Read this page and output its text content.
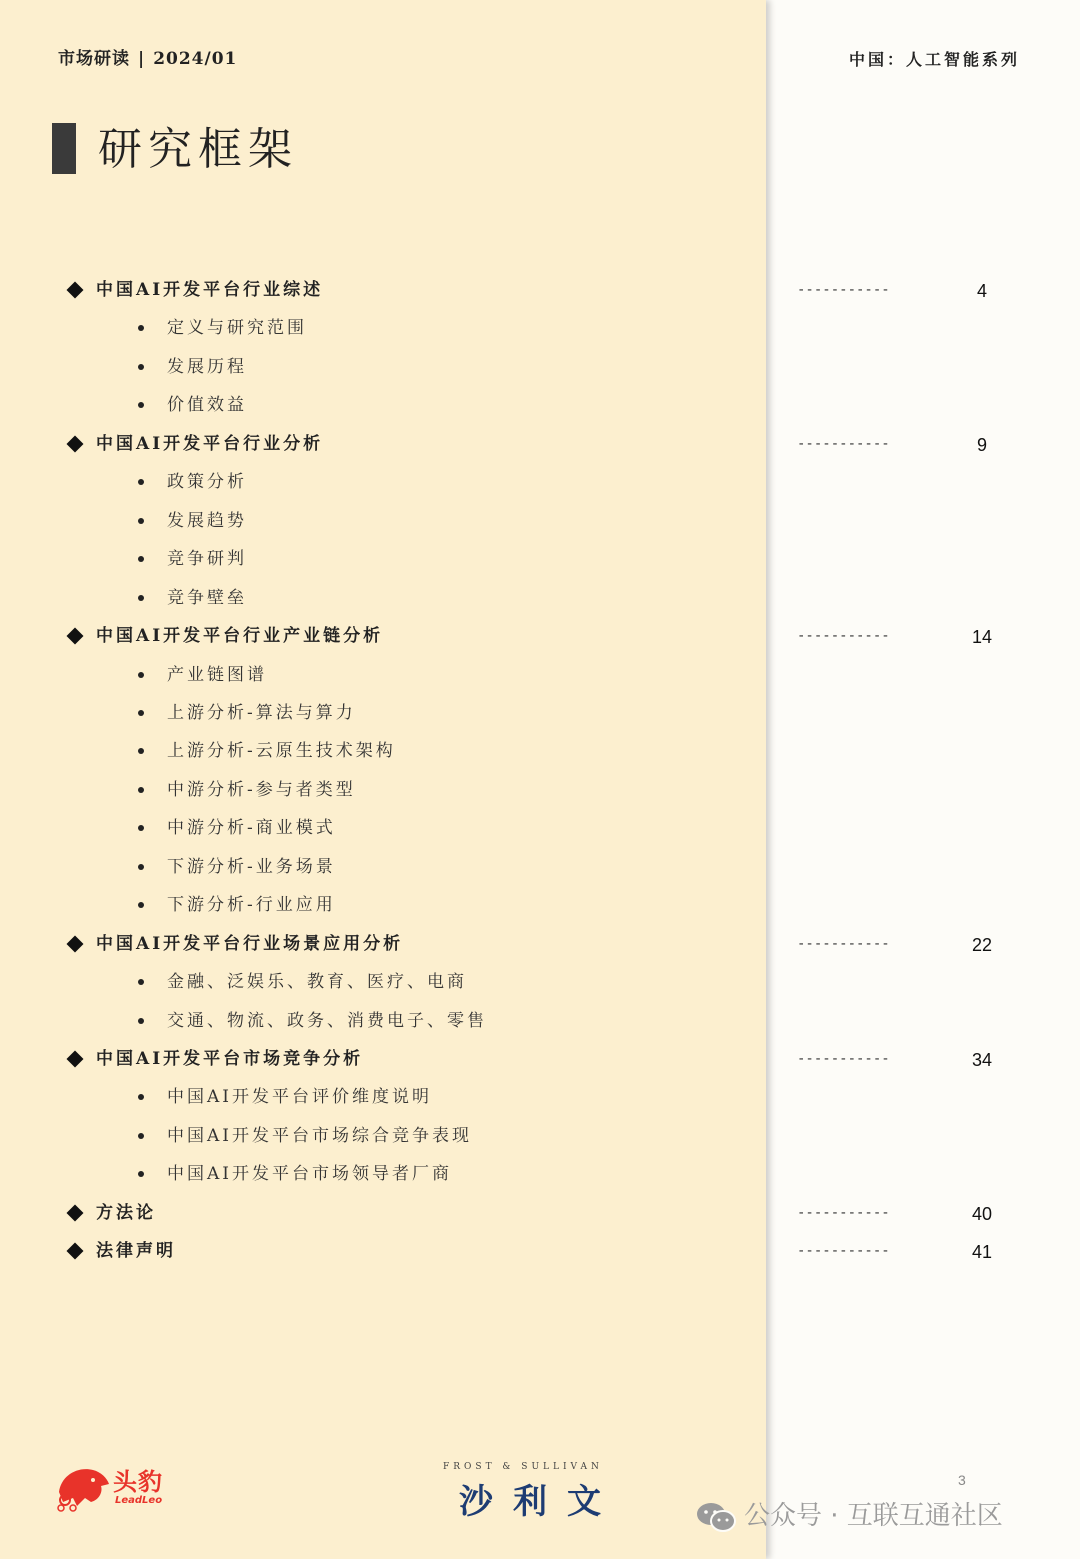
市场研读 | 2024/01	中国：人工智能系列
研究框架
中国AI开发平台行业综述	-----------	4
定义与研究范围
发展历程
价值效益
中国AI开发平台行业分析	-----------	9
政策分析
发展趋势
竞争研判
竞争壁垒
中国AI开发平台行业产业链分析	-----------	14
产业链图谱
上游分析-算法与算力
上游分析-云原生技术架构
中游分析-参与者类型
中游分析-商业模式
下游分析-业务场景
下游分析-行业应用
中国AI开发平台行业场景应用分析	-----------	22
金融、泛娱乐、教育、医疗、电商
交通、物流、政务、消费电子、零售
中国AI开发平台市场竞争分析	-----------	34
中国AI开发平台评价维度说明
中国AI开发平台市场综合竞争表现
中国AI开发平台市场领导者厂商
方法论	-----------	40
法律声明	-----------	41
头豹
LeadLeo
FROST & SULLIVAN
沙利文
3
公众号 · 互联互通社区
